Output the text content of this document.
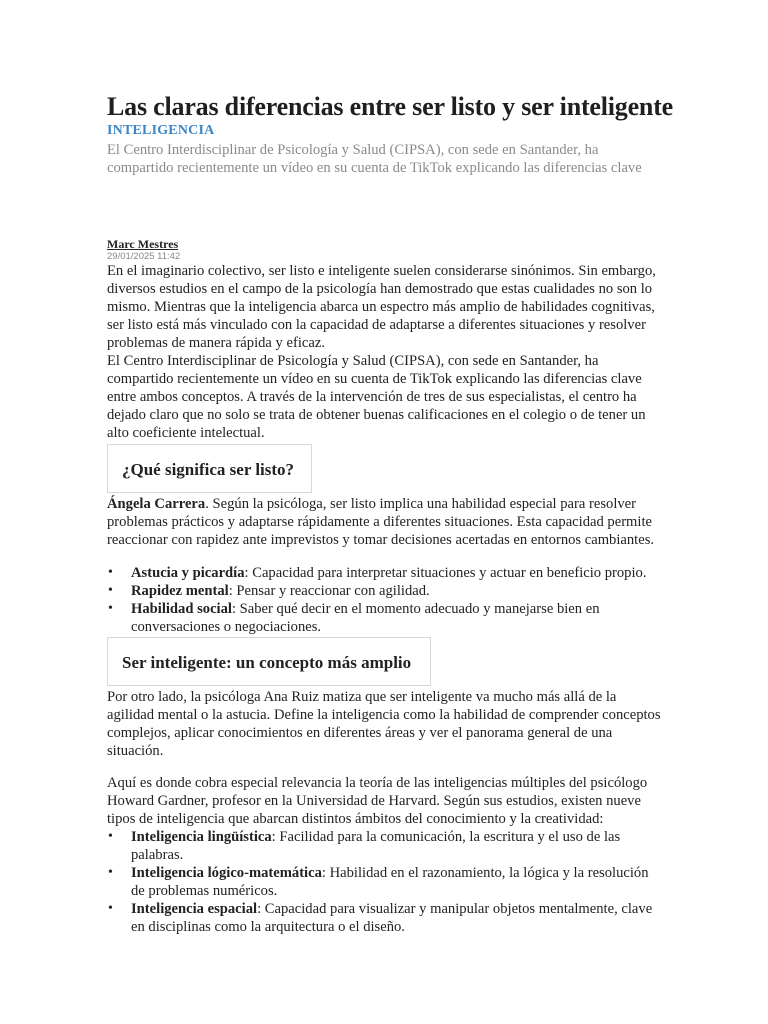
Las claras diferencias entre ser listo y ser inteligente
INTELIGENCIA
El Centro Interdisciplinar de Psicología y Salud (CIPSA), con sede en Santander, ha compartido recientemente un vídeo en su cuenta de TikTok explicando las diferencias clave
Marc Mestres
29/01/2025 11:42

En el imaginario colectivo, ser listo e inteligente suelen considerarse sinónimos. Sin embargo, diversos estudios en el campo de la psicología han demostrado que estas cualidades no son lo mismo. Mientras que la inteligencia abarca un espectro más amplio de habilidades cognitivas, ser listo está más vinculado con la capacidad de adaptarse a diferentes situaciones y resolver problemas de manera rápida y eficaz.

El Centro Interdisciplinar de Psicología y Salud (CIPSA), con sede en Santander, ha compartido recientemente un vídeo en su cuenta de TikTok explicando las diferencias clave entre ambos conceptos. A través de la intervención de tres de sus especialistas, el centro ha dejado claro que no solo se trata de obtener buenas calificaciones en el colegio o de tener un alto coeficiente intelectual.

¿Qué significa ser listo?

Ángela Carrera. Según la psicóloga, ser listo implica una habilidad especial para resolver problemas prácticos y adaptarse rápidamente a diferentes situaciones. Esta capacidad permite reaccionar con rapidez ante imprevistos y tomar decisiones acertadas en entornos cambiantes.

• Astucia y picardía: Capacidad para interpretar situaciones y actuar en beneficio propio.
• Rapidez mental: Pensar y reaccionar con agilidad.
• Habilidad social: Saber qué decir en el momento adecuado y manejarse bien en conversaciones o negociaciones.
Ser inteligente: un concepto más amplio

Por otro lado, la psicóloga Ana Ruiz matiza que ser inteligente va mucho más allá de la agilidad mental o la astucia. Define la inteligencia como la habilidad de comprender conceptos complejos, aplicar conocimientos en diferentes áreas y ver el panorama general de una situación.

Aquí es donde cobra especial relevancia la teoría de las inteligencias múltiples del psicólogo Howard Gardner, profesor en la Universidad de Harvard. Según sus estudios, existen nueve tipos de inteligencia que abarcan distintos ámbitos del conocimiento y la creatividad:

• Inteligencia lingüística: Facilidad para la comunicación, la escritura y el uso de las palabras.
• Inteligencia lógico-matemática: Habilidad en el razonamiento, la lógica y la resolución de problemas numéricos.
• Inteligencia espacial: Capacidad para visualizar y manipular objetos mentalmente, clave en disciplinas como la arquitectura o el diseño.
